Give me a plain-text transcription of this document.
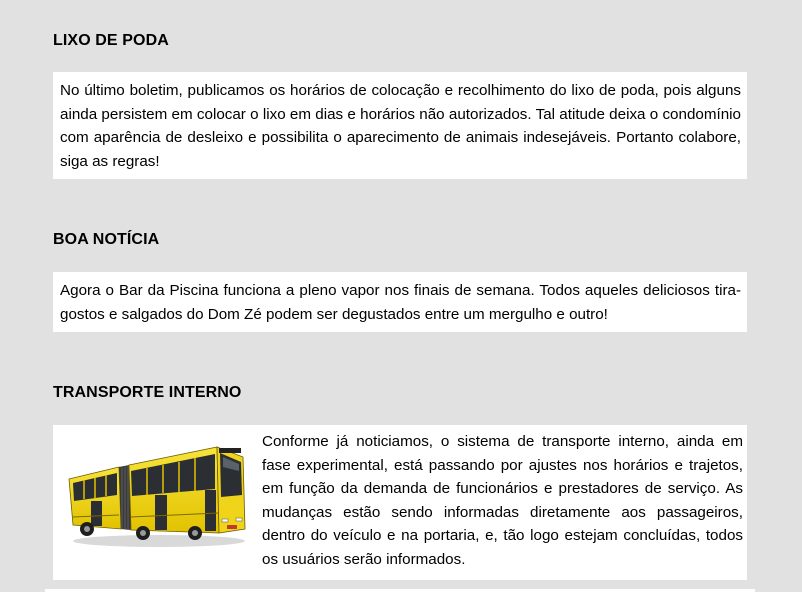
LIXO DE PODA

No último boletim, publicamos os horários de colocação e recolhimento do lixo de poda, pois alguns ainda persistem em colocar o lixo em dias e horários não autorizados. Tal atitude deixa o condomínio com aparência de desleixo e possibilita o aparecimento de animais indesejáveis. Portanto colabore, siga as regras!

BOA NOTÍCIA

Agora o Bar da Piscina funciona a pleno vapor nos finais de semana. Todos aqueles deliciosos tira-gostos e salgados do Dom Zé podem ser degustados entre um mergulho e outro!

TRANSPORTE INTERNO

Conforme já noticiamos, o sistema de transporte interno, ainda em fase experimental, está passando por ajustes nos horários e trajetos, em função da demanda de funcionários e prestadores de serviço. As mudanças estão sendo informadas diretamente aos passageiros, dentro do veículo e na portaria, e, tão logo estejam concluídas, todos os usuários serão informados.
